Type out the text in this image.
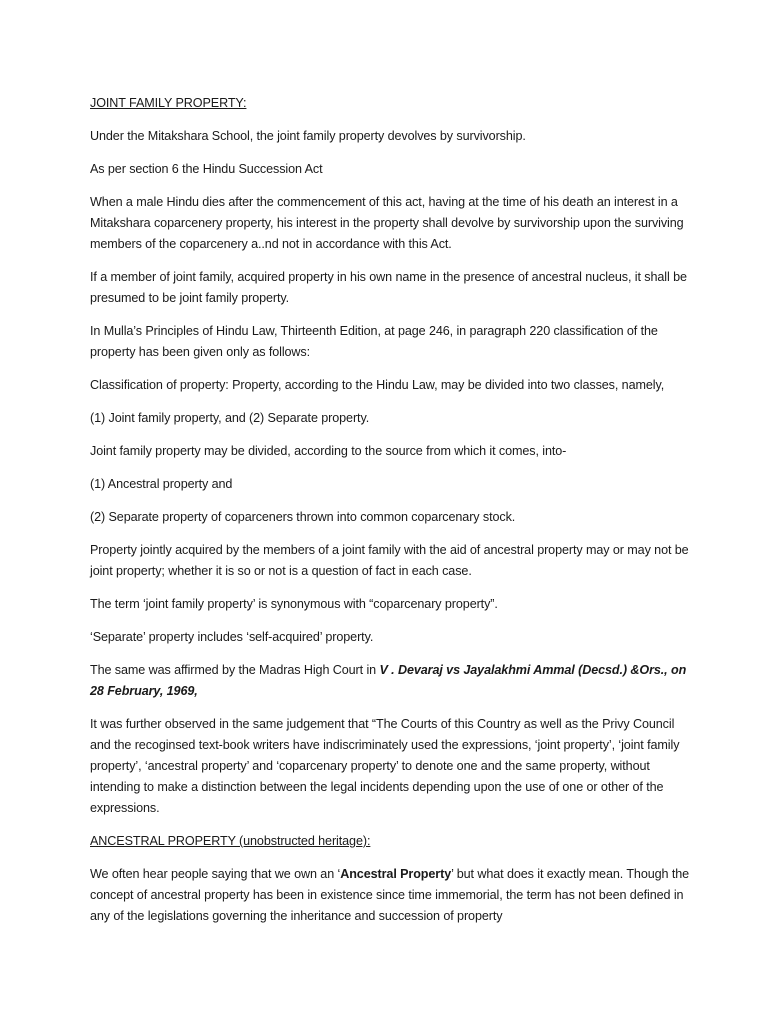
JOINT FAMILY PROPERTY:

Under the Mitakshara School, the joint family property devolves by survivorship.

As per section 6 the Hindu Succession Act

When a male Hindu dies after the commencement of this act, having at the time of his death an interest in a Mitakshara coparcenery property, his interest in the property shall devolve by survivorship upon the surviving members of the coparcenery a..nd not in accordance with this Act.

If a member of joint family, acquired property in his own name in the presence of ancestral nucleus, it shall be presumed to be joint family property.

In Mulla’s Principles of Hindu Law, Thirteenth Edition, at page 246, in paragraph 220 classification of the property has been given only as follows:

Classification of property: Property, according to the Hindu Law, may be divided into two classes, namely,

(1) Joint family property, and (2) Separate property.

Joint family property may be divided, according to the source from which it comes, into-

(1) Ancestral property and

(2) Separate property of coparceners thrown into common coparcenary stock.

Property jointly acquired by the members of a joint family with the aid of ancestral property may or may not be joint property; whether it is so or not is a question of fact in each case.

The term ‘joint family property’ is synonymous with “coparcenary property”.

‘Separate’ property includes ‘self-acquired’ property.

The same was affirmed by the Madras High Court in V . Devaraj vs Jayalakhmi Ammal (Decsd.) &Ors., on 28 February, 1969,

It was further observed in the same judgement that “The Courts of this Country as well as the Privy Council and the recoginsed text-book writers have indiscriminately used the expressions, ‘joint property’, ‘joint family property’, ‘ancestral property’ and ‘coparcenary property’ to denote one and the same property, without intending to make a distinction between the legal incidents depending upon the use of one or other of the expressions.

ANCESTRAL PROPERTY (unobstructed heritage):

We often hear people saying that we own an ‘Ancestral Property’ but what does it exactly mean. Though the concept of ancestral property has been in existence since time immemorial, the term has not been defined in any of the legislations governing the inheritance and succession of property
